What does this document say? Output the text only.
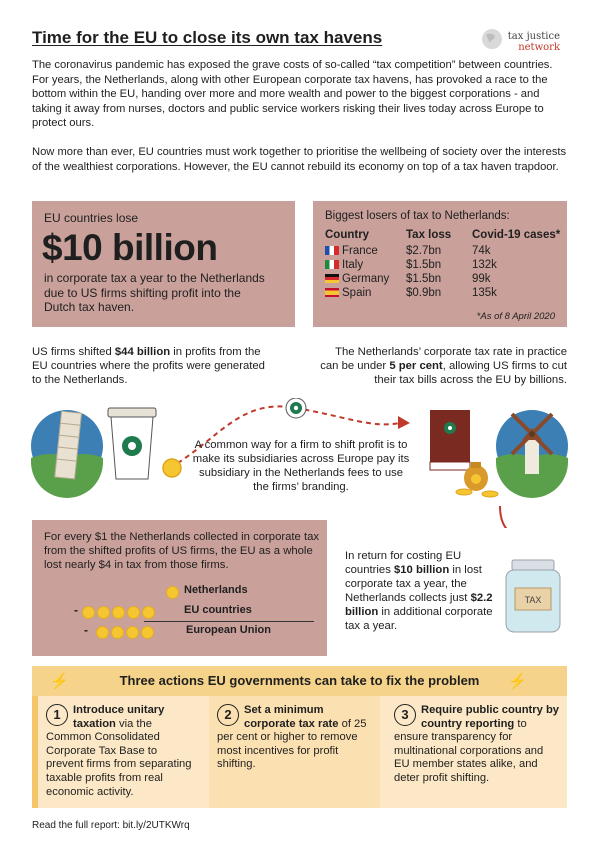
Time for the EU to close its own tax havens	tax justice
network
The coronavirus pandemic has exposed the grave costs of so-called “tax competition” between countries. For years, the Netherlands, along with other European corporate tax havens, has provoked a race to the bottom within the EU, handing over more and more wealth and power to the biggest corporations - and taking it away from nurses, doctors and public service workers risking their lives today across Europe to protect ours.
Now more than ever, EU countries must work together to prioritise the wellbeing of society over the interests of the wealthiest corporations. However, the EU cannot rebuild its economy on top of a tax haven trapdoor.
EU countries lose
$10 billion
in corporate tax a year to the Netherlands due to US firms shifting profit into the Dutch tax haven.
Biggest losers of tax to Netherlands:
Country	Tax loss	Covid-19 cases*
France	$2.7bn	74k
Italy	$1.5bn	132k
Germany	$1.5bn	99k
Spain	$0.9bn	135k
*As of 8 April 2020
US firms shifted $44 billion in profits from the EU countries where the profits were generated to the Netherlands.
The Netherlands’ corporate tax rate in practice can be under 5 per cent, allowing US firms to cut their tax bills across the EU by billions.
A common way for a firm to shift profit is to make its subsidiaries across Europe pay its subsidiary in the Netherlands fees to use the firms’ branding.
For every $1 the Netherlands collected in corporate tax from the shifted profits of US firms, the EU as a whole lost nearly $4 in tax from those firms.
Netherlands
-	EU countries
-	European Union
In return for costing EU countries $10 billion in lost corporate tax a year, the Netherlands collects just $2.2 billion in additional corporate tax a year.
TAX
⚡	Three actions EU governments can take to fix the problem	⚡
1	Introduce unitary taxation via the Common Consolidated Corporate Tax Base to prevent firms from separating taxable profits from real economic activity.
2	Set a minimum corporate tax rate of 25 per cent or higher to remove most incentives for profit shifting.
3	Require public country by country reporting to ensure transparency for multinational corporations and EU member states alike, and deter profit shifting.
Read the full report: bit.ly/2UTKWrq
